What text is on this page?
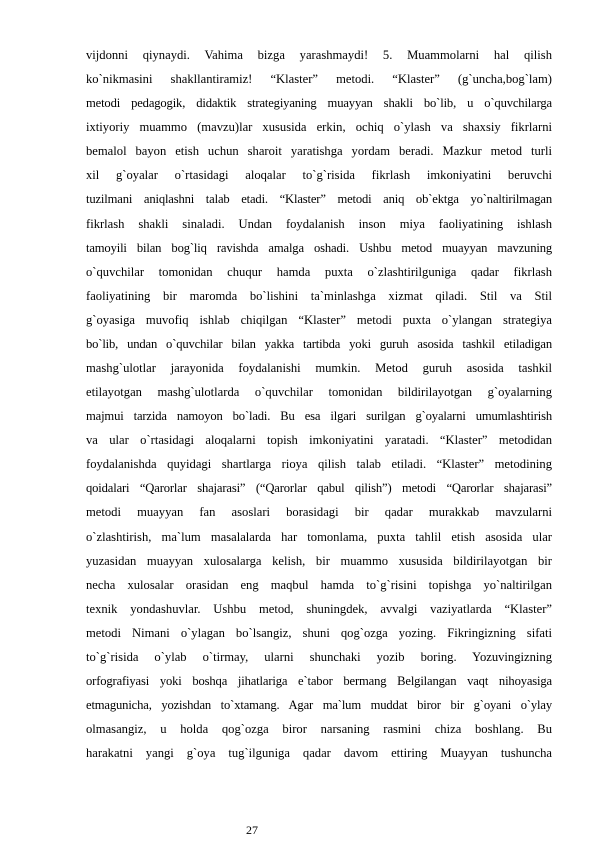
vijdonni qiynaydi. Vahima bizga yarashmaydi! 5. Muammolarni hal qilish
ko`nikmasini shakllantiramiz! “Klaster” metodi. “Klaster” (g`uncha,bog`lam)
metodi pedagogik, didaktik strategiyaning muayyan shakli bo`lib, u o`quvchilarga
ixtiyoriy muammo (mavzu)lar xususida erkin, ochiq o`ylash va shaxsiy fikrlarni
bemalol bayon etish uchun sharoit yaratishga yordam beradi. Mazkur metod turli
xil g`oyalar o`rtasidagi aloqalar to`g`risida fikrlash imkoniyatini beruvchi
tuzilmani aniqlashni talab etadi. “Klaster” metodi aniq ob`ektga yo`naltirilmagan
fikrlash shakli sinaladi. Undan foydalanish inson miya faoliyatining ishlash
tamoyili bilan bog`liq ravishda amalga oshadi. Ushbu metod muayyan mavzuning
o`quvchilar tomonidan chuqur hamda puxta o`zlashtirilguniga qadar fikrlash
faoliyatining bir maromda bo`lishini ta`minlashga xizmat qiladi. Stil va Stil
g`oyasiga muvofiq ishlab chiqilgan “Klaster” metodi puxta o`ylangan strategiya
bo`lib, undan o`quvchilar bilan yakka tartibda yoki guruh asosida tashkil etiladigan
mashg`ulotlar jarayonida foydalanishi mumkin. Metod guruh asosida tashkil
etilayotgan mashg`ulotlarda o`quvchilar tomonidan bildirilayotgan g`oyalarning
majmui tarzida namoyon bo`ladi. Bu esa ilgari surilgan g`oyalarni umumlashtirish
va ular o`rtasidagi aloqalarni topish imkoniyatini yaratadi. “Klaster” metodidan
foydalanishda quyidagi shartlarga rioya qilish talab etiladi. “Klaster” metodining
qoidalari “Qarorlar shajarasi” (“Qarorlar qabul qilish”) metodi “Qarorlar shajarasi”
metodi muayyan fan asoslari borasidagi bir qadar murakkab mavzularni
o`zlashtirish, ma`lum masalalarda har tomonlama, puxta tahlil etish asosida ular
yuzasidan muayyan xulosalarga kelish, bir muammo xususida bildirilayotgan bir
necha xulosalar orasidan eng maqbul hamda to`g`risini topishga yo`naltirilgan
texnik yondashuvlar. Ushbu metod, shuningdek, avvalgi vaziyatlarda “Klaster”
metodi Nimani o`ylagan bo`lsangiz, shuni qog`ozga yozing. Fikringizning sifati
to`g`risida o`ylab o`tirmay, ularni shunchaki yozib boring. Yozuvingizning
orfografiyasi yoki boshqa jihatlariga e`tabor bermang Belgilangan vaqt nihoyasiga
etmagunicha, yozishdan to`xtamang. Agar ma`lum muddat biror bir g`oyani o`ylay
olmasangiz, u holda qog`ozga biror narsaning rasmini chiza boshlang. Bu
harakatni yangi g`oya tug`ilguniga qadar davom ettiring Muayyan tushuncha
27
